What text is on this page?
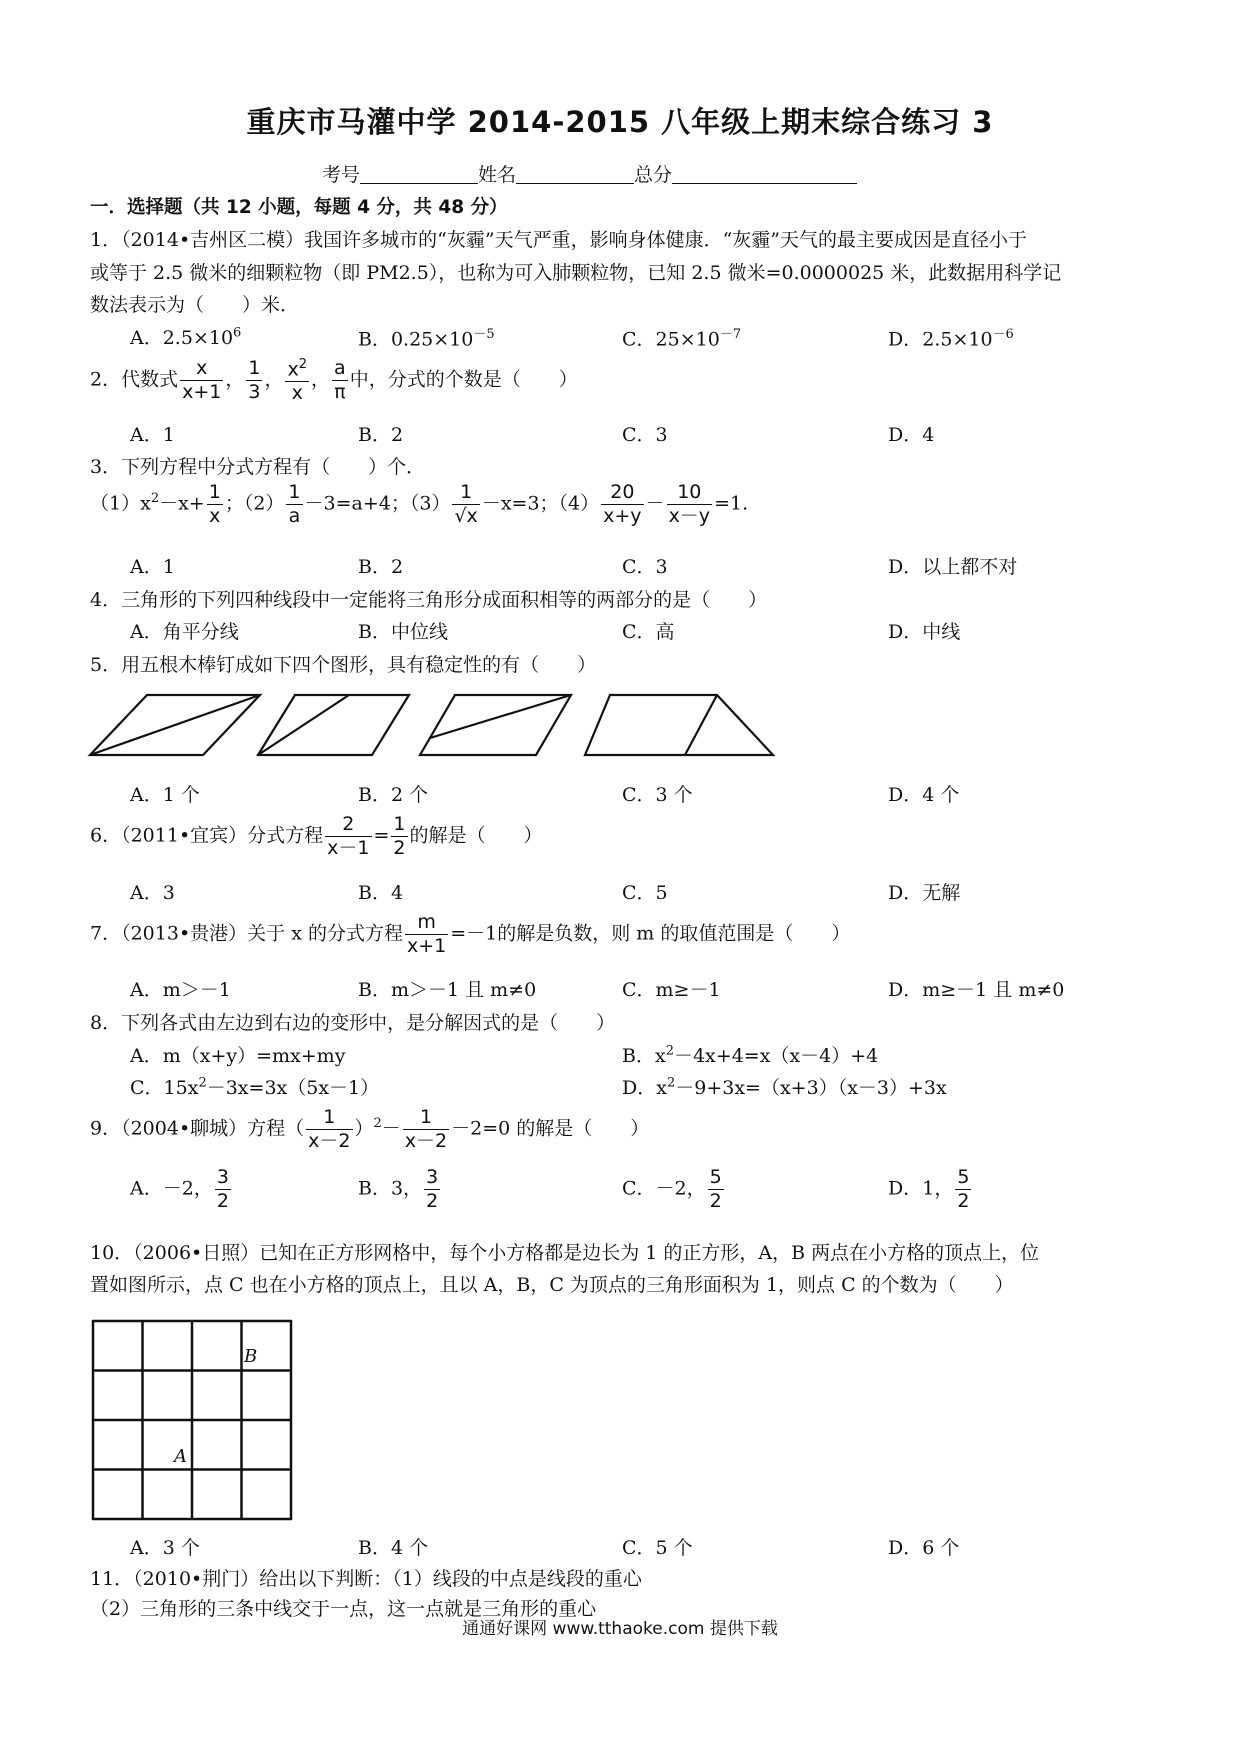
重庆市马灌中学 2014-2015 八年级上期末综合练习 3
考号	姓名	总分
一．选择题（共 12 小题，每题 4 分，共 48 分）
1．（2014•吉州区二模）我国许多城市的“灰霾”天气严重，影响身体健康．“灰霾”天气的最主要成因是直径小于
或等于 2.5 微米的细颗粒物（即 PM2.5），也称为可入肺颗粒物，已知 2.5 微米=0.0000025 米，此数据用科学记
数法表示为（　　）米．
A．$2.5\times 10^6$	B．$0.25\times 10^{-5}$	C．$25\times 10^{-7}$	D．$2.5\times 10^{-6}$
2．代数式 $\frac{x}{x+1}$ ， $\frac{1}{3}$ ， $\frac{x^2}{x}$ ， $\frac{a}{\pi}$ 中，分式的个数是（　　）
A．1	B．2	C．3	D．4
3．下列方程中分式方程有（　　）个．
$(1)x^2-x+ \frac{1}{x}$ ；$(2) \frac{1}{a} -3=a+4$；$(3) \frac{1}{√x} -x=3$；$(4) \frac{20}{x+y} - \frac{10}{x-y} =1$.
A．1	B．2	C．3	D．以上都不对
4．三角形的下列四种线段中一定能将三角形分成面积相等的两部分的是（　　）
A．角平分线	B．中位线	C．高	D．中线
5．用五根木棒钉成如下四个图形，具有稳定性的有（　　）
A．1 个	B．2 个	C．3 个	D．4 个
6．（2011•宜宾）分式方程 $\frac{2}{x-1} = \frac{1}{2}$ 的解是（　　）
A．3	B．4	C．5	D．无解
7．（2013•贵港）关于 x 的分式方程 $\frac{m}{x+1} =-1$的解是负数，则 m 的取值范围是（　　）
A．m＞－1	B．m＞－1 且 m≠0	C．m≥－1	D．m≥－1 且 m≠0
8．下列各式由左边到右边的变形中，是分解因式的是（　　）
A．m（x+y）=mx+my	B．$x^2-4x+4=x(x-4)+4$
C．$15x^2-3x=3x(5x-1)$	D．$x^2-9+3x=(x+3)(x-3)+3x$
9．（2004•聊城）方程（ $\frac{1}{x-2} )^2- \frac{1}{x-2} -2=0$ 的解是（　　）
A．－2， $\frac{3}{2}$	B．3， $\frac{3}{2}$	C．－2， $\frac{5}{2}$	D．1， $\frac{5}{2}$
10．（2006•日照）已知在正方形网格中，每个小方格都是边长为 1 的正方形，A，B 两点在小方格的顶点上，位
置如图所示，点 C 也在小方格的顶点上，且以 A，B，C 为顶点的三角形面积为 1，则点 C 的个数为（　　）
B
A
A．3 个	B．4 个	C．5 个	D．6 个
11．（2010•荆门）给出以下判断：（1）线段的中点是线段的重心
（2）三角形的三条中线交于一点，这一点就是三角形的重心
通通好课网 www.tthaoke.com 提供下载
